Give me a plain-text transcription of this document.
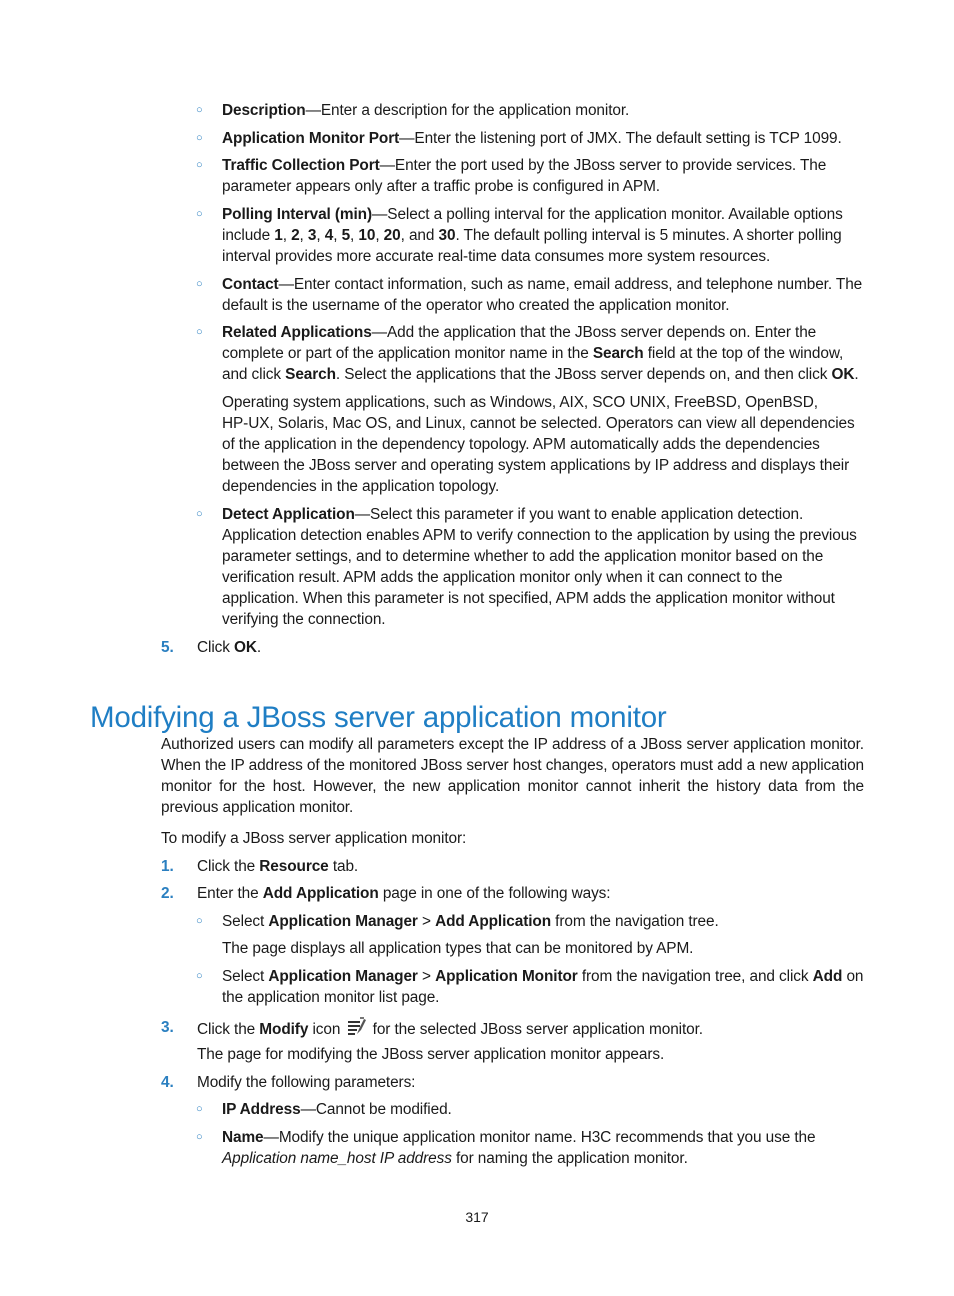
○ Description—Enter a description for the application monitor.
○ Application Monitor Port—Enter the listening port of JMX. The default setting is TCP 1099.
○ Traffic Collection Port—Enter the port used by the JBoss server to provide services. The
parameter appears only after a traffic probe is configured in APM.
○ Polling Interval (min)—Select a polling interval for the application monitor. Available options
include 1, 2, 3, 4, 5, 10, 20, and 30. The default polling interval is 5 minutes. A shorter polling
interval provides more accurate real-time data consumes more system resources.
○ Contact—Enter contact information, such as name, email address, and telephone number. The
default is the username of the operator who created the application monitor.
○ Related Applications—Add the application that the JBoss server depends on. Enter the
complete or part of the application monitor name in the Search field at the top of the window,
and click Search. Select the applications that the JBoss server depends on, and then click OK.
Operating system applications, such as Windows, AIX, SCO UNIX, FreeBSD, OpenBSD,
HP-UX, Solaris, Mac OS, and Linux, cannot be selected. Operators can view all dependencies
of the application in the dependency topology. APM automatically adds the dependencies
between the JBoss server and operating system applications by IP address and displays their
dependencies in the application topology.
○ Detect Application—Select this parameter if you want to enable application detection.
Application detection enables APM to verify connection to the application by using the previous
parameter settings, and to determine whether to add the application monitor based on the
verification result. APM adds the application monitor only when it can connect to the
application. When this parameter is not specified, APM adds the application monitor without
verifying the connection.
5. Click OK.
Modifying a JBoss server application monitor
Authorized users can modify all parameters except the IP address of a JBoss server application monitor.
When the IP address of the monitored JBoss server host changes, operators must add a new application
monitor for the host. However, the new application monitor cannot inherit the history data from the
previous application monitor.
To modify a JBoss server application monitor:
1. Click the Resource tab.
2. Enter the Add Application page in one of the following ways:
○ Select Application Manager > Add Application from the navigation tree.
The page displays all application types that can be monitored by APM.
○ Select Application Manager > Application Monitor from the navigation tree, and click Add on
the application monitor list page.
3. Click the Modify icon  for the selected JBoss server application monitor.
The page for modifying the JBoss server application monitor appears.
4. Modify the following parameters:
○ IP Address—Cannot be modified.
○ Name—Modify the unique application monitor name. H3C recommends that you use the
Application name_host IP address for naming the application monitor.
317
